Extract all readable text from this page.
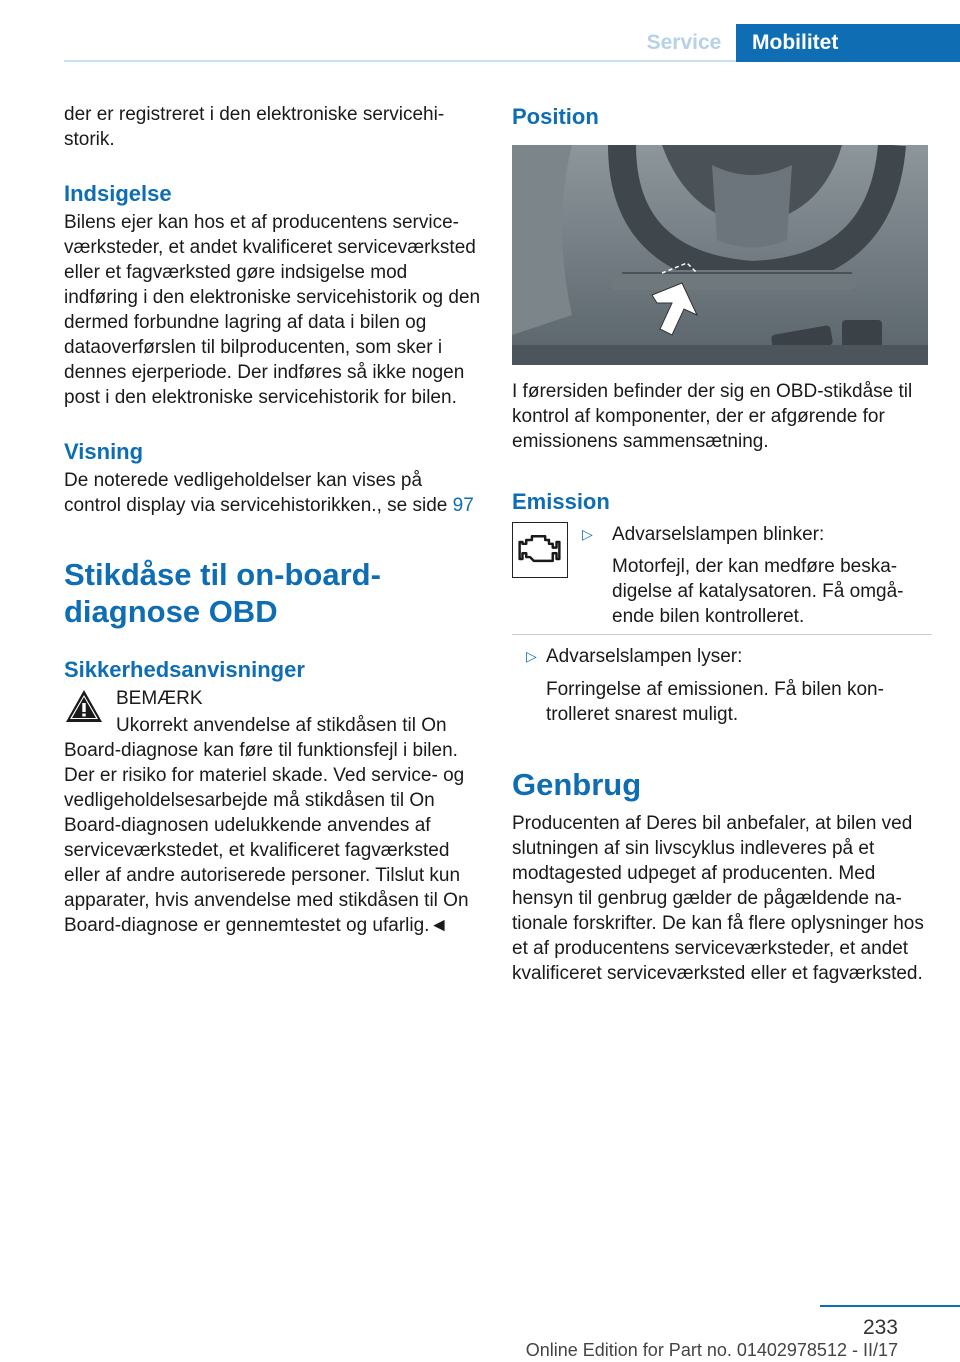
Service	Mobilitet

der er registreret i den elektroniske servicehistorik.

Indsigelse

Bilens ejer kan hos et af producentens serviceværksteder, et andet kvalificeret serviceværksted eller et fagværksted gøre indsigelse mod indføring i den elektroniske servicehistorik og den dermed forbundne lagring af data i bilen og dataoverførslen til bilproducenten, som sker i dennes ejerperiode. Der indføres så ikke nogen post i den elektroniske servicehistorik for bilen.

Visning

De noterede vedligeholdelser kan vises på control display via servicehistorikken., se side 97

Stikdåse til on-board-diagnose OBD
Sikkerhedsanvisninger

BEMÆRK

Ukorrekt anvendelse af stikdåsen til On

Board-diagnose kan føre til funktionsfejl i bilen. Der er risiko for materiel skade. Ved service- og vedligeholdelsesarbejde må stikdåsen til On Board-diagnosen udelukkende anvendes af serviceværkstedet, et kvalificeret fagværksted eller af andre autoriserede personer. Tilslut kun apparater, hvis anvendelse med stikdåsen til On Board-diagnose er gennemtestet og ufarlig.◄

Position

I førersiden befinder der sig en OBD-stikdåse til kontrol af komponenter, der er afgørende for emissionens sammensætning.

Emission
▷ Advarselslampen blinker:

Motorfejl, der kan medføre beskadigelse af katalysatoren. Få omgående bilen kontrolleret.

▷ Advarselslampen lyser:

Forringelse af emissionen. Få bilen kontrolleret snarest muligt.

Genbrug

Producenten af Deres bil anbefaler, at bilen ved slutningen af sin livscyklus indleveres på et modtagested udpeget af producenten. Med hensyn til genbrug gælder de pågældende nationale forskrifter. De kan få flere oplysninger hos et af producentens serviceværksteder, et andet kvalificeret serviceværksted eller et fagværksted.

233
Online Edition for Part no. 01402978512 - II/17
